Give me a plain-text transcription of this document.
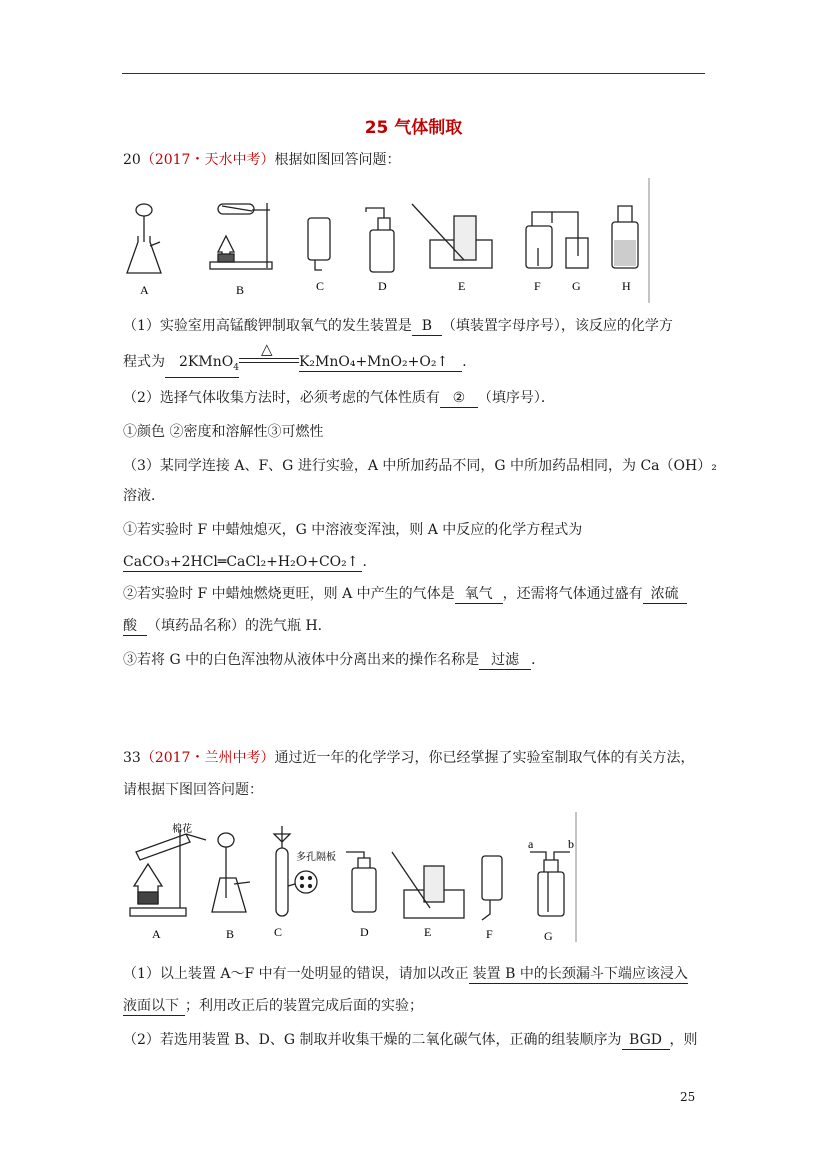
25 气体制取
20（2017・天水中考）根据如图回答问题：
A	B	C	D	E	F	G	H
（1）实验室用高锰酸钾制取氧气的发生装置是 B （填装置字母序号），该反应的化学方
程式为 2KMnO$_4$
△
K₂MnO₄+MnO₂+O₂↑ ．
（2）选择气体收集方法时，必须考虑的气体性质有 ② （填序号）．
①颜色 ②密度和溶解性③可燃性
（3）某同学连接 A、F、G 进行实验，A 中所加药品不同，G 中所加药品相同，为 Ca（OH）₂
溶液．
①若实验时 F 中蜡烛熄灭，G 中溶液变浑浊，则 A 中反应的化学方程式为
CaCO₃+2HCl═CaCl₂+H₂O+CO₂↑ ．
②若实验时 F 中蜡烛燃烧更旺，则 A 中产生的气体是 氧气 ，还需将气体通过盛有 浓硫
酸 （填药品名称）的洗气瓶 H．
③若将 G 中的白色浑浊物从液体中分离出来的操作名称是 过滤 ．
33（2017・兰州中考）通过近一年的化学学习，你已经掌握了实验室制取气体的有关方法，
请根据下图回答问题：
棉花
多孔隔板
a	b
A	B	C	D	E	F	G
（1）以上装置 A～F 中有一处明显的错误，请加以改正 装置 B 中的长颈漏斗下端应该浸入
液面以下 ；利用改正后的装置完成后面的实验；
（2）若选用装置 B、D、G 制取并收集干燥的二氧化碳气体，正确的组装顺序为 BGD ，则
25
